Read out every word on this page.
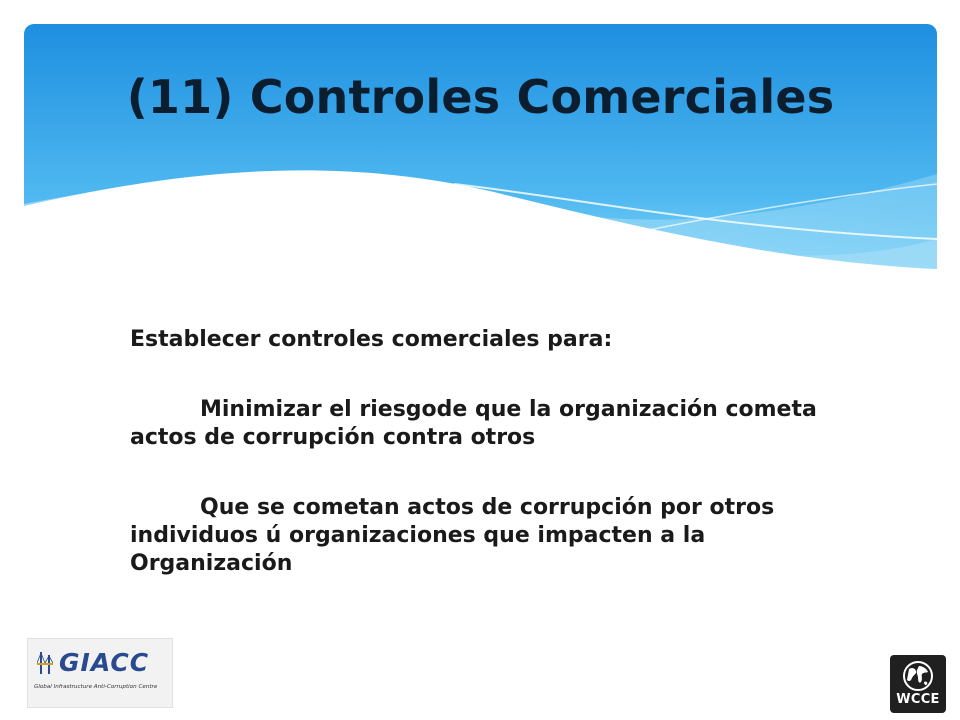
(11) Controles Comerciales

Establecer controles comerciales para:

Minimizar el riesgode que la organización cometa actos de corrupción contra otros

Que se cometan actos de corrupción por otros individuos ú organizaciones que impacten a la Organización

GIACC
Global Infrastructure Anti-Corruption Centre
WCCE
